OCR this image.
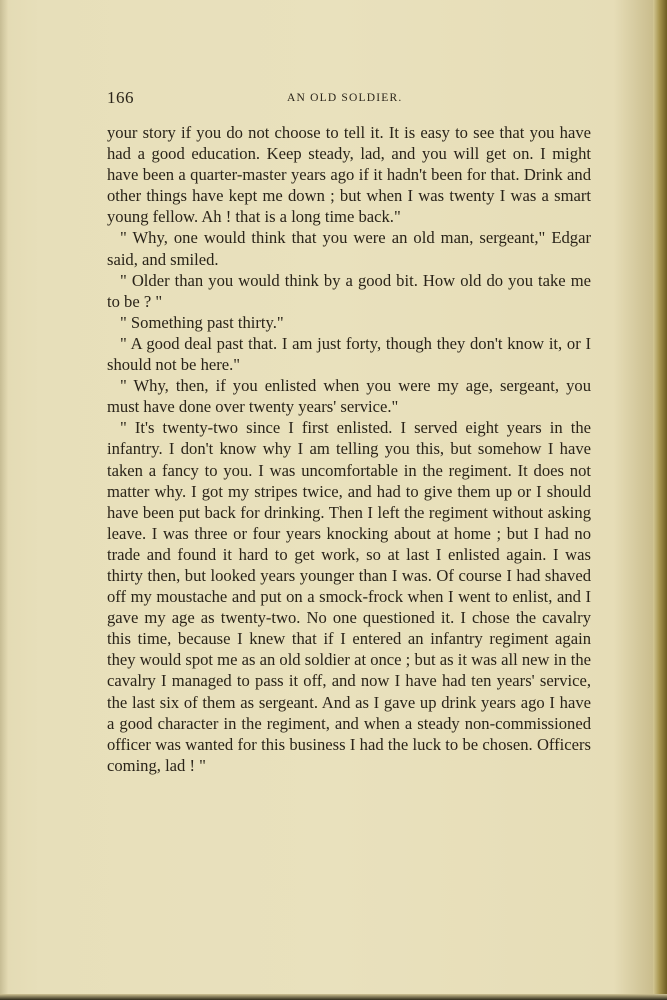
166	AN OLD SOLDIER.

your story if you do not choose to tell it. It is easy to see that you have had a good education. Keep steady, lad, and you will get on. I might have been a quarter-master years ago if it hadn't been for that. Drink and other things have kept me down ; but when I was twenty I was a smart young fellow. Ah ! that is a long time back."

" Why, one would think that you were an old man, sergeant," Edgar said, and smiled.

" Older than you would think by a good bit. How old do you take me to be ? "

" Something past thirty."

" A good deal past that. I am just forty, though they don't know it, or I should not be here."

" Why, then, if you enlisted when you were my age, sergeant, you must have done over twenty years' service."

" It's twenty-two since I first enlisted. I served eight years in the infantry. I don't know why I am telling you this, but somehow I have taken a fancy to you. I was uncomfortable in the regiment. It does not matter why. I got my stripes twice, and had to give them up or I should have been put back for drinking. Then I left the regiment without asking leave. I was three or four years knocking about at home ; but I had no trade and found it hard to get work, so at last I enlisted again. I was thirty then, but looked years younger than I was. Of course I had shaved off my moustache and put on a smock-frock when I went to enlist, and I gave my age as twenty-two. No one questioned it. I chose the cavalry this time, because I knew that if I entered an infantry regiment again they would spot me as an old soldier at once ; but as it was all new in the cavalry I managed to pass it off, and now I have had ten years' service, the last six of them as sergeant. And as I gave up drink years ago I have a good character in the regiment, and when a steady non-commissioned officer was wanted for this business I had the luck to be chosen. Officers coming, lad ! "
